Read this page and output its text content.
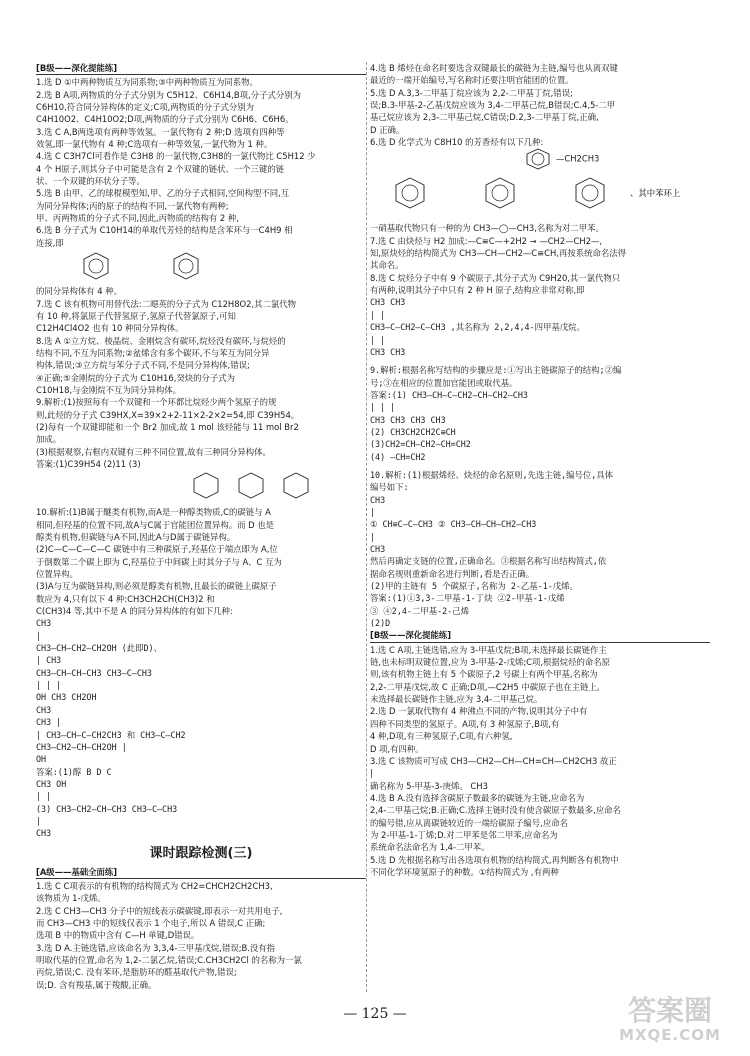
[B级——深化提能练]
1.选 D ①中两种物质互为同系物;③中两种物质互为同系物。
2.选 B A项,两物质的分子式分别为 C5H12、C6H14,B项,分子式分别为
C6H10,符合同分异构体的定义;C项,两物质的分子式分别为
C4H10O2、C4H10O2;D项,两物质的分子式分别为 C6H6、C6H6。
3.选 C A,B两选项有两种等效氢。一氯代物有 2 种;D 选项有四种等
效氢,即一氯代物有 4 种;C选项有一种等效氢,一氯代物为 1 种。
4.选 C C3H7Cl可看作是 C3H8 的一氯代物,C3H8的一氯代物比 C5H12 少
4 个 H原子,则其分子中可能是含有 2 个双键的链状、一个三键的链
状、一个双键的环状分子等。
5.选 B 由甲、乙的球棍模型知,甲、乙的分子式相同,空间构型不同,互
为同分异构体;丙的原子的结构不同,一氯代物有两种;
甲、丙两物质的分子式不同,因此,丙物质的结构有 2 种,
6.选 B 分子式为 C10H14的单取代芳烃的结构是含苯环与一C4H9 相
连接,即
的同分异构体有 4 种。
7.选 C 该有机物可用替代法:二噁英的分子式为 C12H8O2,其二氯代物
有 10 种,将氯原子代替氢原子,氢原子代替氯原子,可知
C12H4Cl4O2 也有 10 种同分异构体。
8.选 A ①立方烷、棱晶烷、金刚烷含有碳环,烷烃没有碳环,与烷烃的
结构不同,不互为同系物;②盆烯含有多个碳环,不与苯互为同分异
构体,错误;③立方烷与苯分子式不同,不是同分异构体,错误;
④正确;⑤金刚烷的分子式为 C10H16,癸炔的分子式为
C10H18,与金刚烷不互为同分异构体。
9.解析:(1)按照每有一个双键和一个环都比烷烃少两个氢原子的规
则,此烃的分子式 C39HX,X=39×2+2-11×2-2×2=54,即 C39H54。
(2)每有一个双键即能和一个 Br2 加成,故 1 mol 该烃能与 11 mol Br2
加成。
(3)根据观察,右框内双键有三种不同位置,故有三种同分异构体。
答案:(1)C39H54 (2)11 (3)
10.解析:(1)B属于醚类有机物,而A是一种醇类物质,C的碳链与 A
相同,但羟基的位置不同,故A与C属于官能团位置异构。而 D 也是
醇类有机物,但碳链与A不同,因此A与D属于碳链异构。
(2)C—C—C—C—C 碳链中有三种碳原子,羟基位于端点即为 A,位
于倒数第二个碳上即为 C,羟基位于中间碳上时其分子与 A、C 互为
位置异构。
(3)A与互为碳链异构,则必须是醇类有机物,且最长的碳链上碳原子
数应为 4,只有以下 4 种:CH3CH2CH(CH3)2 和
C(CH3)4 等,其中不是 A 的同分异构体的有如下几种:
CH3
|
CH3—CH—CH2—CH2OH (此即D)、
| CH3
CH3—CH—CH—CH3 CH3—C—CH3
| | |
OH CH3 CH2OH
CH3
CH3 |
| CH3—CH—C—CH2CH3 和 CH3—C—CH2
CH3—CH2—CH—CH2OH |
OH
答案:(1)醇 B D C
CH3 OH
| |
(3) CH3—CH2—CH—CH3 CH3—C—CH3
|
CH3
课时跟踪检测(三)
[A级——基础全面练]
1.选 C C项表示的有机物的结构简式为 CH2=CHCH2CH2CH3,
该物质为 1-戊烯。
2.选 C CH3—CH3 分子中的短线表示碳碳键,即表示一对共用电子,
而 CH3—CH3 中的短线仅表示 1 个电子,所以 A 错误,C 正确;
选项 B 中的物质中含有 C—H 单键,D错误。
3.选 D A.主链选错,应该命名为 3,3,4-三甲基戊烷,错误;B.没有指
明取代基的位置,命名为 1,2-二氯乙烷,错误;C.CH3CH2Cl 的名称为一氯
丙烷,错误;C. 没有苯环,是脂肪环的醛基取代产物,错误;
误;D. 含有羧基,属于羧酸,正确。
4.选 B 烯烃在命名时要选含双键最长的碳链为主链,编号也从离双键
最近的一端开始编号,写名称时还要注明官能团的位置。
5.选 D A.3,3-二甲基丁烷应该为 2,2-二甲基丁烷,错误;
误;B.3-甲基-2-乙基戊烷应该为 3,4-二甲基己烷,B错误;C.4,5-二甲
基己烷应该为 2,3-二甲基己烷,C错误;D.2,3-二甲基丁烷,正确,
D 正确。
6.选 D 化学式为 C8H10 的芳香烃有以下几种:
—CH2CH3
、其中苯环上
一硝基取代物只有一种的为 CH3—◯—CH3,名称为对二甲苯。
7.选 C 由炔烃与 H2 加成:—C≡C—+2H2 → —CH2—CH2—,
知,原炔烃的结构简式为 CH3—CH—CH2—C≡CH,再按系统命名法得
其命名。
8.选 C 烷烃分子中有 9 个碳原子,其分子式为 C9H20,其一氯代物只
有两种,说明其分子中只有 2 种 H 原子,结构应非常对称,即
CH3 CH3
| |
CH3—C—CH2—C—CH3 ,其名称为 2,2,4,4-四甲基戊烷。
| |
CH3 CH3
9.解析:根据名称写结构的步骤应是:①写出主链碳原子的结构;②编
号;③在相应的位置加官能团或取代基。
答案:(1) CH3—CH—C—CH2—CH—CH2—CH3
| | |
CH3 CH3 CH3 CH3
(2) CH3CH2CH2C≡CH
(3)CH2=CH—CH2—CH=CH2
(4) —CH=CH2
10.解析:(1)根据烯烃、炔烃的命名原则,先选主链,编号位,具体
编号如下:
CH3
|
① CH≡C—C—CH3 ② CH3—CH—CH—CH2—CH3
|
CH3
然后再确定支链的位置,正确命名。③根据名称写出结构简式,依
据命名规则重新命名进行判断,看是否正确。
(2)甲的主链有 5 个碳原子,名称为 2-乙基-1-戊烯。
答案:(1)①3,3-二甲基-1-丁炔 ②2-甲基-1-戊烯
③ ④2,4-二甲基-2-己烯
(2)D
[B级——深化提能练]
1.选 C A项,主链选错,应为 3-甲基戊烷;B项,未选择最长碳链作主
链,也未标明双键位置,应为 3-甲基-2-戊烯;C项,根据烷烃的命名原
则,该有机物主链上有 5 个碳原子,2 号碳上有两个甲基,名称为
2,2-二甲基戊烷,故 C 正确;D项,—C2H5 中碳原子也在主链上,
未选择最长碳链作主链,应为 3,4-二甲基己烷。
2.选 D 一氯取代物有 4 种沸点不同的产物,说明其分子中有
四种不同类型的氢原子。A项,有 3 种氢原子,B项,有
4 种,D项,有三种氢原子,C项,有六种氢,
D 项,有四种。
3.选 C 该物质可写成 CH3—CH2—CH—CH=CH—CH2CH3 故正
|
确名称为 5-甲基-3-庚烯。 CH3
4.选 B A.没有选择含碳原子数最多的碳链为主链,应命名为
2,4-二甲基己烷;B.正确;C.选择主链时没有使含碳原子数最多,应命名
的编号错,应从离碳链较近的一端给碳原子编号,应命名
为 2-甲基-1-丁烯;D.对二甲苯是邻二甲苯,应命名为
系统命名法命名为 1,4-二甲苯。
5.选 D 先根据名称写出各选项有机物的结构简式,再判断各有机物中
不同化学环境氢原子的种数。①结构简式为 ,有两种
— 125 —	答案圈
MXQE.COM
